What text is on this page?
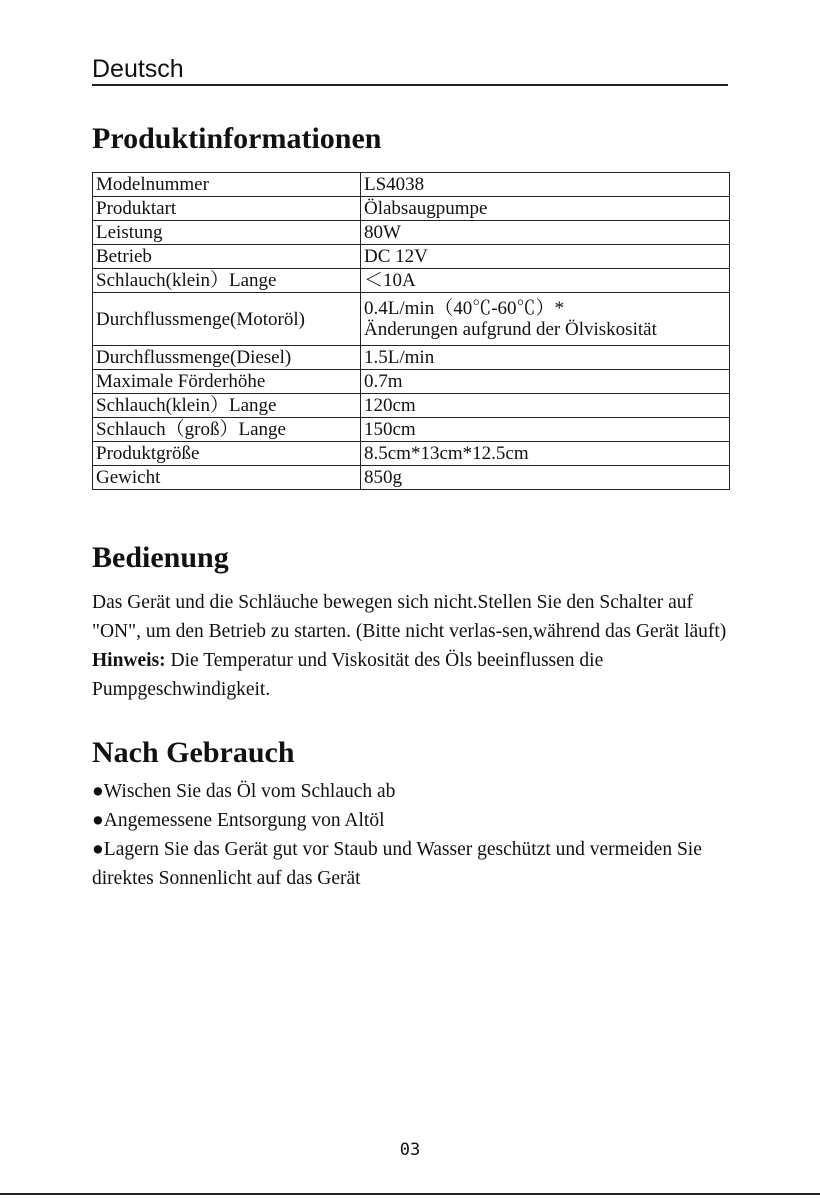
Deutsch
Produktinformationen
Modelnummer	LS4038
Produktart	Ölabsaugpumpe
Leistung	80W
Betrieb	DC 12V
Schlauch(klein）Lange	＜10A
Durchflussmenge(Motoröl)	0.4L/min（40℃-60℃）*
Änderungen aufgrund der Ölviskosität

Durchflussmenge(Diesel)	1.5L/min
Maximale Förderhöhe	0.7m
Schlauch(klein）Lange	120cm
Schlauch（groß）Lange	150cm
Produktgröße	8.5cm*13cm*12.5cm
Gewicht	850g
Bedienung
Das Gerät und die Schläuche bewegen sich nicht.Stellen Sie den Schalter auf "ON", um den Betrieb zu starten. (Bitte nicht verlas-sen,während das Gerät läuft)
Hinweis: Die Temperatur und Viskosität des Öls beeinflussen die Pumpgeschwindigkeit.
Nach Gebrauch
●Wischen Sie das Öl vom Schlauch ab
●Angemessene Entsorgung von Altöl
●Lagern Sie das Gerät gut vor Staub und Wasser geschützt und vermeiden Sie direktes Sonnenlicht auf das Gerät
03
